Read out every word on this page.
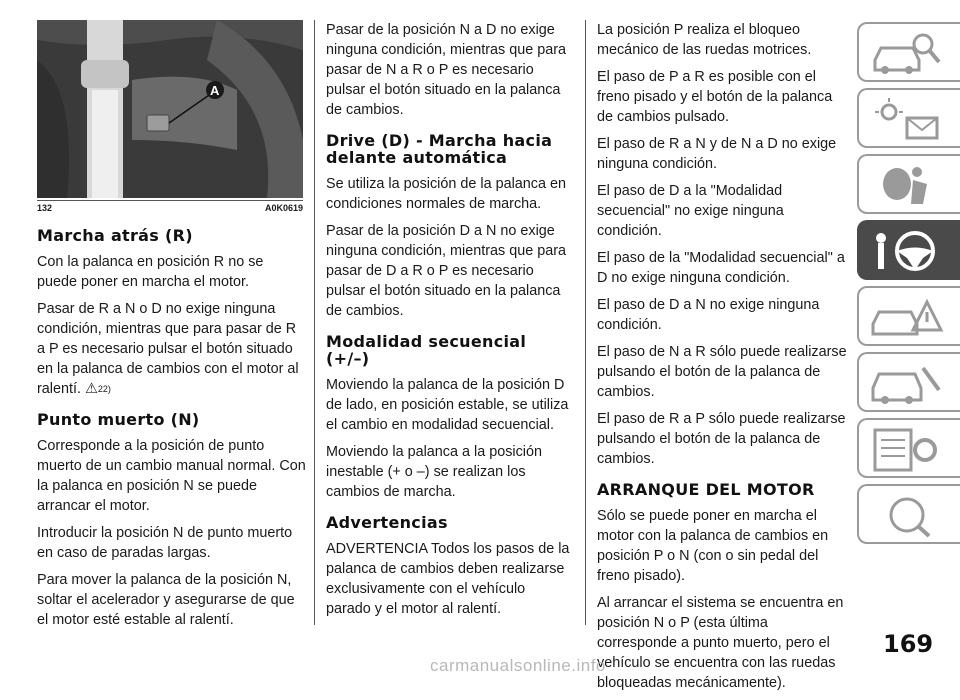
A
132	A0K0619
Marcha atrás (R)

Con la palanca en posición R no se puede poner en marcha el motor.

Pasar de R a N o D no exige ninguna condición, mientras que para pasar de R a P es necesario pulsar el botón situado en la palanca de cambios con el motor al ralentí. ⚠22)

Punto muerto (N)

Corresponde a la posición de punto muerto de un cambio manual normal. Con la palanca en posición N se puede arrancar el motor.

Introducir la posición N de punto muerto en caso de paradas largas.

Para mover la palanca de la posición N, soltar el acelerador y asegurarse de que el motor esté estable al ralentí.

Pasar de la posición N a D no exige ninguna condición, mientras que para pasar de N a R o P es necesario pulsar el botón situado en la palanca de cambios.

Drive (D) - Marcha hacia delante automática

Se utiliza la posición de la palanca en condiciones normales de marcha.

Pasar de la posición D a N no exige ninguna condición, mientras que para pasar de D a R o P es necesario pulsar el botón situado en la palanca de cambios.

Modalidad secuencial (+/–)

Moviendo la palanca de la posición D de lado, en posición estable, se utiliza el cambio en modalidad secuencial.

Moviendo la palanca a la posición inestable (+ o –) se realizan los cambios de marcha.

Advertencias

ADVERTENCIA Todos los pasos de la palanca de cambios deben realizarse exclusivamente con el vehículo parado y el motor al ralentí.

La posición P realiza el bloqueo mecánico de las ruedas motrices.

El paso de P a R es posible con el freno pisado y el botón de la palanca de cambios pulsado.

El paso de R a N y de N a D no exige ninguna condición.

El paso de D a la "Modalidad secuencial" no exige ninguna condición.

El paso de la "Modalidad secuencial" a D no exige ninguna condición.

El paso de D a N no exige ninguna condición.

El paso de N a R sólo puede realizarse pulsando el botón de la palanca de cambios.

El paso de R a P sólo puede realizarse pulsando el botón de la palanca de cambios.

ARRANQUE DEL MOTOR

Sólo se puede poner en marcha el motor con la palanca de cambios en posición P o N (con o sin pedal del freno pisado).

Al arrancar el sistema se encuentra en posición N o P (esta última corresponde a punto muerto, pero el vehículo se encuentra con las ruedas bloqueadas mecánicamente).

169
carmanualsonline.info
